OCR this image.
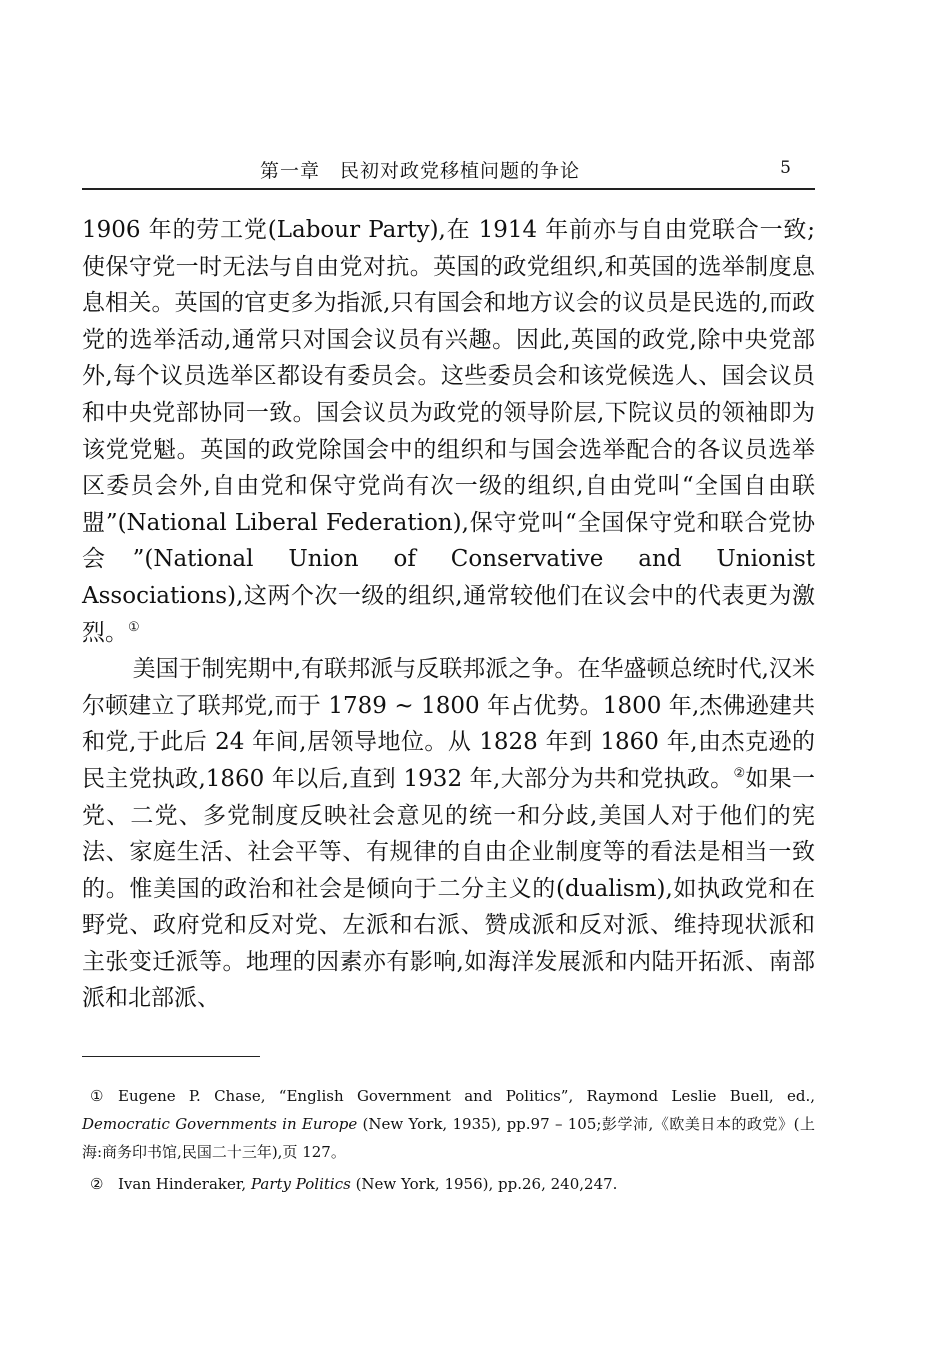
第一章　民初对政党移植问题的争论	5

1906 年的劳工党(Labour Party),在 1914 年前亦与自由党联合一致;使保守党一时无法与自由党对抗。英国的政党组织,和英国的选举制度息息相关。英国的官吏多为指派,只有国会和地方议会的议员是民选的,而政党的选举活动,通常只对国会议员有兴趣。因此,英国的政党,除中央党部外,每个议员选举区都设有委员会。这些委员会和该党候选人、国会议员和中央党部协同一致。国会议员为政党的领导阶层,下院议员的领袖即为该党党魁。英国的政党除国会中的组织和与国会选举配合的各议员选举区委员会外,自由党和保守党尚有次一级的组织,自由党叫“全国自由联盟”(National Liberal Federation),保守党叫“全国保守党和联合党协会”(National Union of Conservative and Unionist Associations),这两个次一级的组织,通常较他们在议会中的代表更为激烈。①

美国于制宪期中,有联邦派与反联邦派之争。在华盛顿总统时代,汉米尔顿建立了联邦党,而于 1789 ~ 1800 年占优势。1800 年,杰佛逊建共和党,于此后 24 年间,居领导地位。从 1828 年到 1860 年,由杰克逊的民主党执政,1860 年以后,直到 1932 年,大部分为共和党执政。②如果一党、二党、多党制度反映社会意见的统一和分歧,美国人对于他们的宪法、家庭生活、社会平等、有规律的自由企业制度等的看法是相当一致的。惟美国的政治和社会是倾向于二分主义的(dualism),如执政党和在野党、政府党和反对党、左派和右派、赞成派和反对派、维持现状派和主张变迁派等。地理的因素亦有影响,如海洋发展派和内陆开拓派、南部派和北部派、

① Eugene P. Chase, “English Government and Politics”, Raymond Leslie Buell, ed., Democratic Governments in Europe (New York, 1935), pp.97 – 105;彭学沛,《欧美日本的政党》(上海:商务印书馆,民国二十三年),页 127。

② Ivan Hinderaker, Party Politics (New York, 1956), pp.26, 240,247.
